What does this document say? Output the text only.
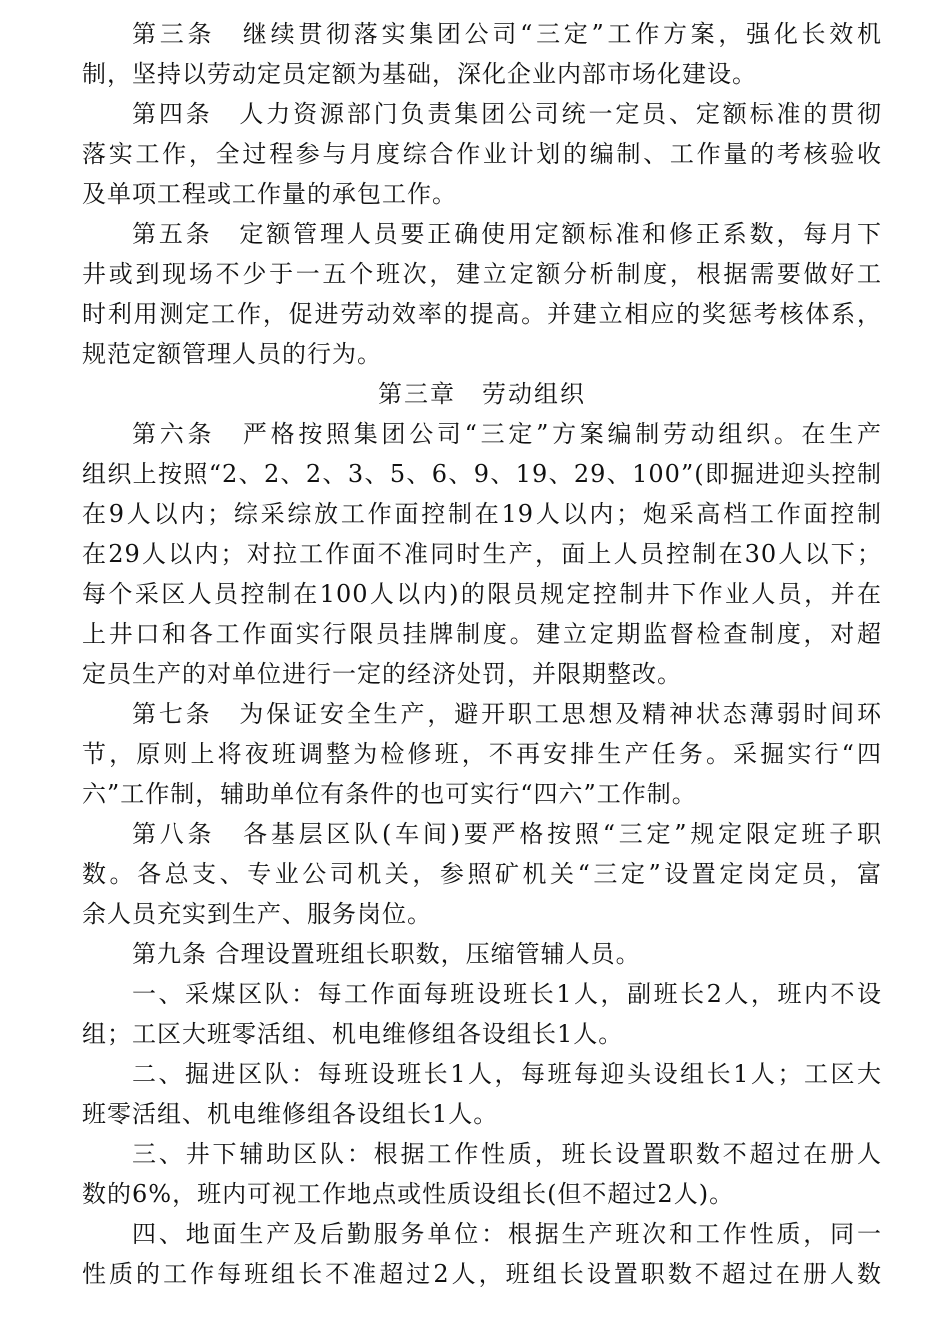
第三条　继续贯彻落实集团公司“三定”工作方案，强化长效机
制，坚持以劳动定员定额为基础，深化企业内部市场化建设。
第四条　人力资源部门负责集团公司统一定员、定额标准的贯彻
落实工作，全过程参与月度综合作业计划的编制、工作量的考核验收
及单项工程或工作量的承包工作。
第五条　定额管理人员要正确使用定额标准和修正系数，每月下
井或到现场不少于一五个班次，建立定额分析制度，根据需要做好工
时利用测定工作，促进劳动效率的提高。并建立相应的奖惩考核体系，
规范定额管理人员的行为。
第三章　劳动组织
第六条　严格按照集团公司“三定”方案编制劳动组织。在生产
组织上按照“2、2、2、3、5、6、9、19、29、100”(即掘进迎头控制
在9人以内；综采综放工作面控制在19人以内；炮采高档工作面控制
在29人以内；对拉工作面不准同时生产，面上人员控制在30人以下；
每个采区人员控制在100人以内)的限员规定控制井下作业人员，并在
上井口和各工作面实行限员挂牌制度。建立定期监督检查制度，对超
定员生产的对单位进行一定的经济处罚，并限期整改。
第七条　为保证安全生产，避开职工思想及精神状态薄弱时间环
节，原则上将夜班调整为检修班，不再安排生产任务。采掘实行“四
六”工作制，辅助单位有条件的也可实行“四六”工作制。
第八条　各基层区队(车间)要严格按照“三定”规定限定班子职
数。各总支、专业公司机关，参照矿机关“三定”设置定岗定员，富
余人员充实到生产、服务岗位。
第九条 合理设置班组长职数，压缩管辅人员。
一、采煤区队：每工作面每班设班长1人，副班长2人，班内不设
组；工区大班零活组、机电维修组各设组长1人。
二、掘进区队：每班设班长1人，每班每迎头设组长1人；工区大
班零活组、机电维修组各设组长1人。
三、井下辅助区队：根据工作性质，班长设置职数不超过在册人
数的6%，班内可视工作地点或性质设组长(但不超过2人)。
四、地面生产及后勤服务单位：根据生产班次和工作性质，同一
性质的工作每班组长不准超过2人，班组长设置职数不超过在册人数
